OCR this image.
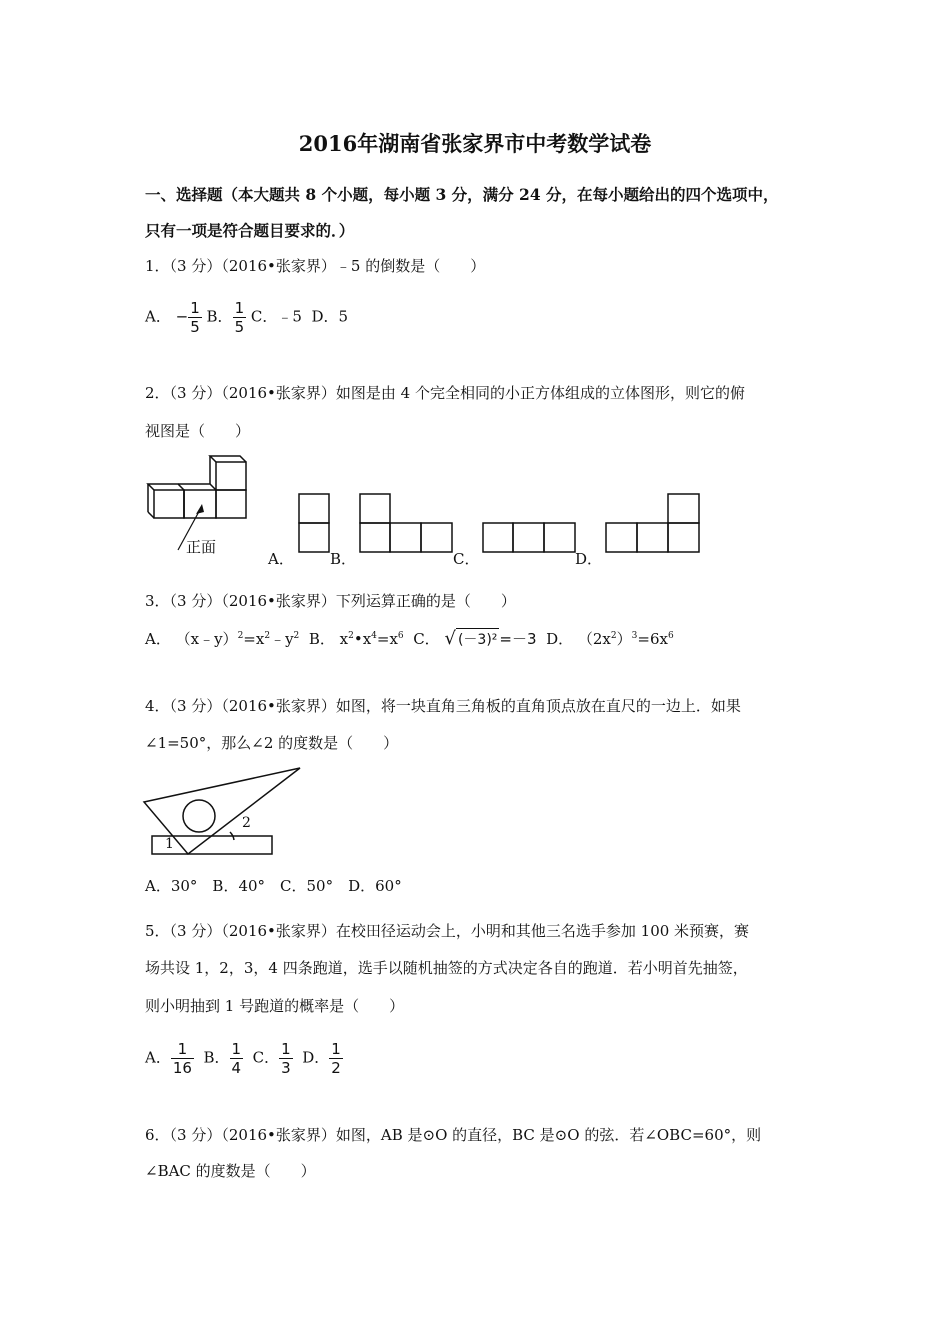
2016年湖南省张家界市中考数学试卷
一、选择题（本大题共 8 个小题，每小题 3 分，满分 24 分，在每小题给出的四个选项中，
只有一项是符合题目要求的．）
1．（3 分）（2016•张家界）﹣5 的倒数是（　　）
A． − $\frac{1}{5}$ B． $\frac{1}{5}$ C．﹣5 D．5
2．（3 分）（2016•张家界）如图是由 4 个完全相同的小正方体组成的立体图形，则它的俯
视图是（　　）
正面
A． B．	C．	D．
3．（3 分）（2016•张家界）下列运算正确的是（　　）
A． $(x﹣y)^2=x^2﹣y^2$ B． $x^2•x^4=x^6$ C． √ (－3)² =－3 D． $(2x^2)^3=6x^6$
4．（3 分）（2016•张家界）如图，将一块直角三角板的直角顶点放在直尺的一边上．如果
∠1=50°，那么∠2 的度数是（　　）
2
1
A．30°　B．40°　C．50°　D．60°
5．（3 分）（2016•张家界）在校田径运动会上，小明和其他三名选手参加 100 米预赛，赛
场共设 1，2，3，4 四条跑道，选手以随机抽签的方式决定各自的跑道．若小明首先抽签，
则小明抽到 1 号跑道的概率是（　　）
A． $\frac{1}{16}$ B． $\frac{1}{4}$ C． $\frac{1}{3}$ D． $\frac{1}{2}$
6．（3 分）（2016•张家界）如图，AB 是⊙O 的直径，BC 是⊙O 的弦．若∠OBC=60°，则
∠BAC 的度数是（　　）
